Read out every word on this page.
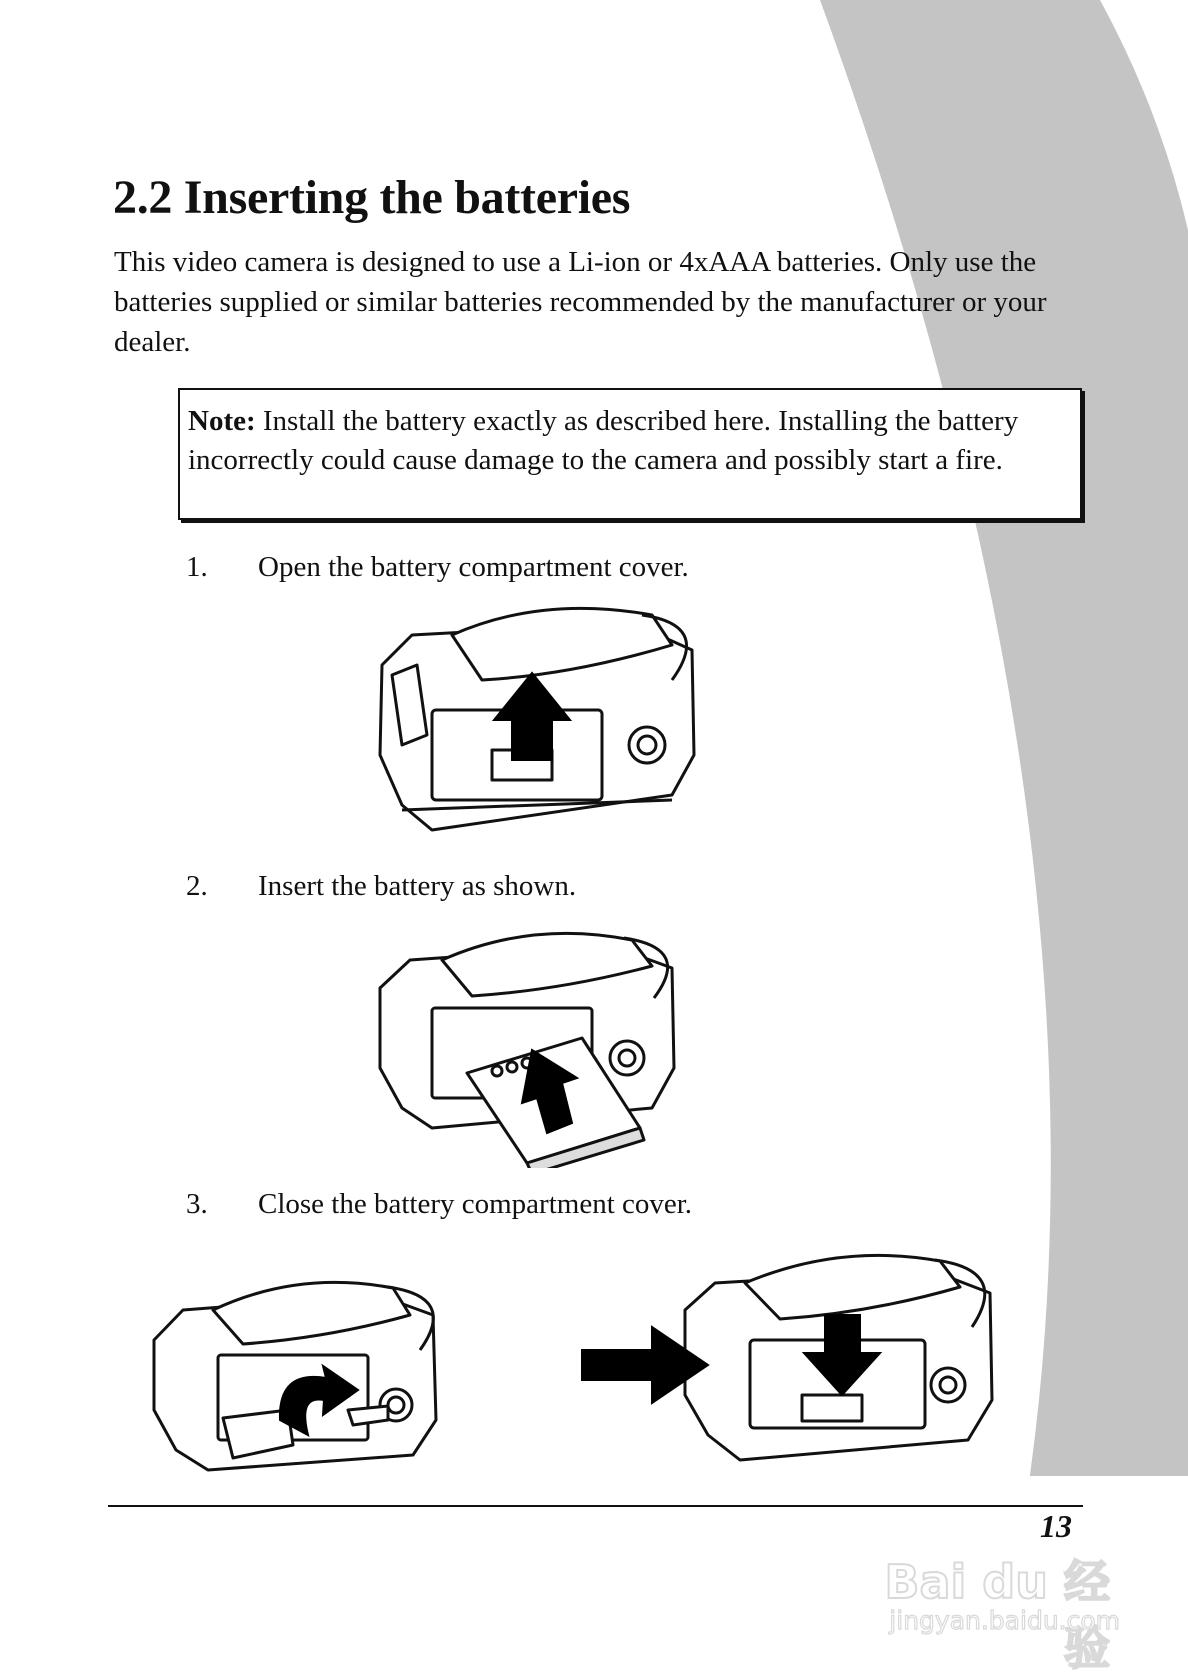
2.2 Inserting the batteries

This video camera is designed to use a Li-ion or 4xAAA batteries. Only use the batteries supplied or similar batteries recommended by the manufacturer or your dealer.

Note: Install the battery exactly as described here. Installing the battery incorrectly could cause damage to the camera and possibly start a fire.
1. Open the battery compartment cover.
2. Insert the battery as shown.
3. Close the battery compartment cover.
Bai du 经验
jingyan.baidu.com
13
